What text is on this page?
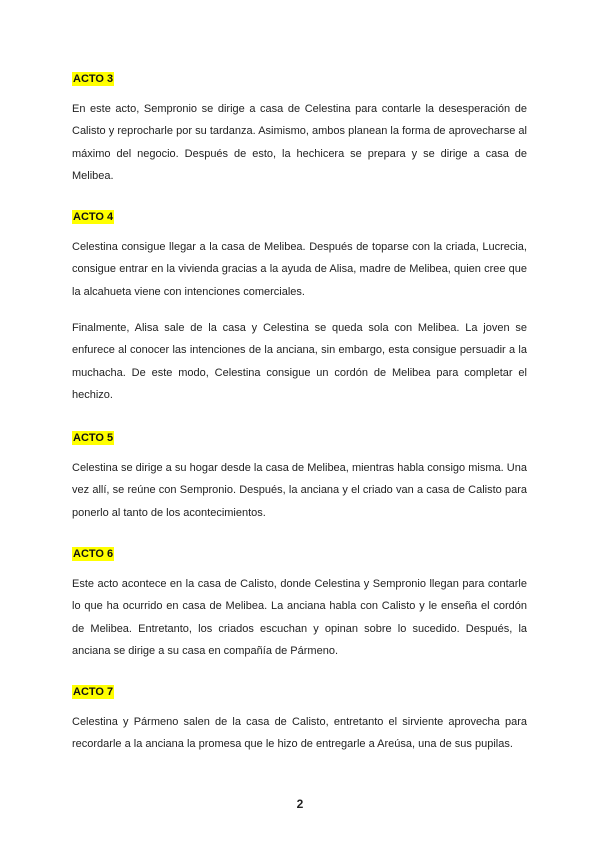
ACTO 3

En este acto, Sempronio se dirige a casa de Celestina para contarle la desesperación de Calisto y reprocharle por su tardanza. Asimismo, ambos planean la forma de aprovecharse al máximo del negocio. Después de esto, la hechicera se prepara y se dirige a casa de Melibea.

ACTO 4

Celestina consigue llegar a la casa de Melibea. Después de toparse con la criada, Lucrecia, consigue entrar en la vivienda gracias a la ayuda de Alisa, madre de Melibea, quien cree que la alcahueta viene con intenciones comerciales.

Finalmente, Alisa sale de la casa y Celestina se queda sola con Melibea. La joven se enfurece al conocer las intenciones de la anciana, sin embargo, esta consigue persuadir a la muchacha. De este modo, Celestina consigue un cordón de Melibea para completar el hechizo.

ACTO 5

Celestina se dirige a su hogar desde la casa de Melibea, mientras habla consigo misma. Una vez allí, se reúne con Sempronio. Después, la anciana y el criado van a casa de Calisto para ponerlo al tanto de los acontecimientos.

ACTO 6

Este acto acontece en la casa de Calisto, donde Celestina y Sempronio llegan para contarle lo que ha ocurrido en casa de Melibea. La anciana habla con Calisto y le enseña el cordón de Melibea. Entretanto, los criados escuchan y opinan sobre lo sucedido. Después, la anciana se dirige a su casa en compañía de Pármeno.

ACTO 7

Celestina y Pármeno salen de la casa de Calisto, entretanto el sirviente aprovecha para recordarle a la anciana la promesa que le hizo de entregarle a Areúsa, una de sus pupilas.

2
